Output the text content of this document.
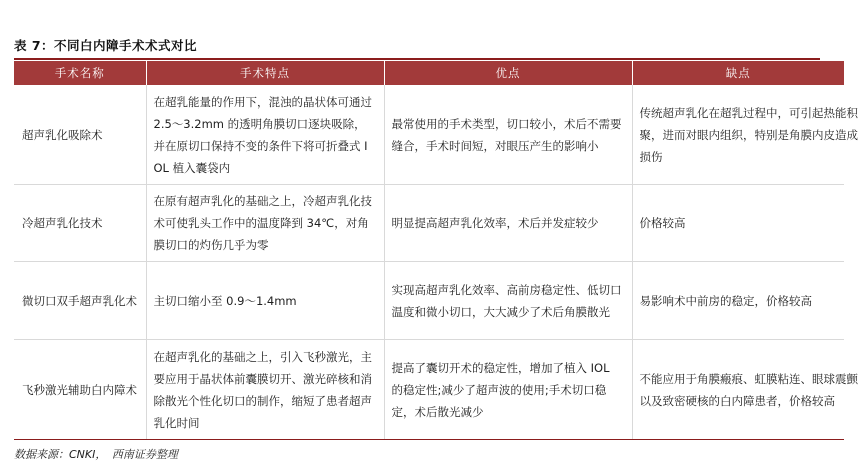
表 7：不同白内障手术术式对比
手术名称	手术特点	优点	缺点
超声乳化吸除术	在超乳能量的作用下，混浊的晶状体可通过 2.5～3.2mm 的透明角膜切口逐块吸除，并在原切口保持不变的条件下将可折叠式 IOL 植入囊袋内	最常使用的手术类型，切口较小，术后不需要缝合，手术时间短，对眼压产生的影响小	传统超声乳化在超乳过程中，可引起热能积聚，进而对眼内组织，特别是角膜内皮造成损伤

冷超声乳化技术	在原有超声乳化的基础之上，冷超声乳化技术可使乳头工作中的温度降到 34℃，对角膜切口的灼伤几乎为零	明显提高超声乳化效率，术后并发症较少	价格较高

微切口双手超声乳化术	主切口缩小至 0.9～1.4mm	实现高超声乳化效率、高前房稳定性、低切口温度和微小切口，大大减少了术后角膜散光	易影响术中前房的稳定，价格较高

飞秒激光辅助白内障术	在超声乳化的基础之上，引入飞秒激光，主要应用于晶状体前囊膜切开、激光碎核和消除散光个性化切口的制作，缩短了患者超声乳化时间	提高了囊切开术的稳定性，增加了植入 IOL 的稳定性;减少了超声波的使用;手术切口稳定，术后散光减少	不能应用于角膜瘢痕、虹膜粘连、眼球震颤以及致密硬核的白内障患者，价格较高
数据来源：CNKI，　西南证券整理
